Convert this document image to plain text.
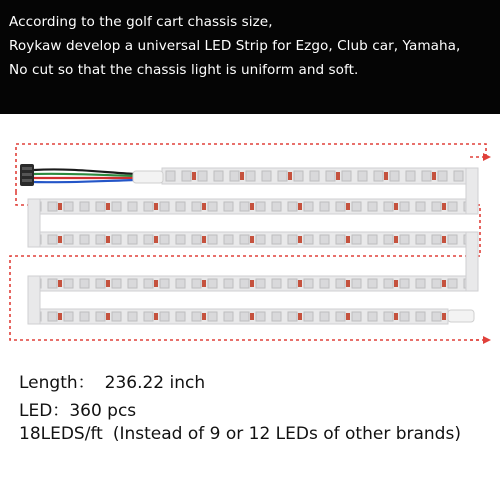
According to the golf cart chassis size,
Roykaw develop a universal LED Strip for Ezgo, Club car, Yamaha,
No cut so that the chassis light is uniform and soft.
Length： 236.22 inch
LED：360 pcs
18LEDS/ft (Instead of 9 or 12 LEDs of other brands)
